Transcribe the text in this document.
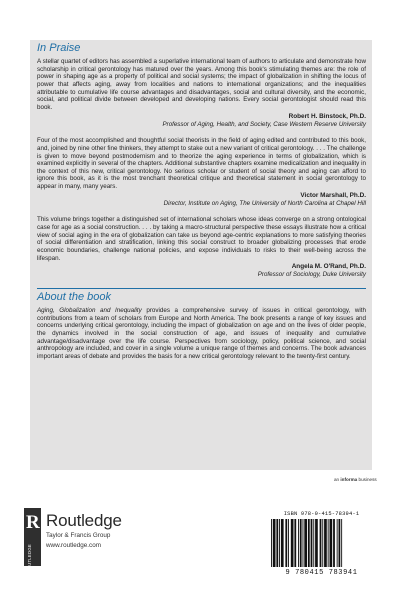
In Praise

A stellar quartet of editors has assembled a superlative international team of authors to articulate and demonstrate how scholarship in critical gerontology has matured over the years. Among this book's stimulating themes are: the role of power in shaping age as a property of political and social systems; the impact of globalization in shifting the locus of power that affects aging, away from localities and nations to international organizations; and the inequalities attributable to cumulative life course advantages and disadvantages, social and cultural diversity, and the economic, social, and political divide between developed and developing nations. Every social gerontologist should read this book.

Robert H. Binstock, Ph.D.
Professor of Aging, Health, and Society, Case Western Reserve University

Four of the most accomplished and thoughtful social theorists in the field of aging edited and contributed to this book, and, joined by nine other fine thinkers, they attempt to stake out a new variant of critical gerontology. . . . The challenge is given to move beyond postmodernism and to theorize the aging experience in terms of globalization, which is examined explicitly in several of the chapters. Additional substantive chapters examine medicalization and inequality in the context of this new, critical gerontology. No serious scholar or student of social theory and aging can afford to ignore this book, as it is the most trenchant theoretical critique and theoretical statement in social gerontology to appear in many, many years.

Victor Marshall, Ph.D.
Director, Institute on Aging, The University of North Carolina at Chapel Hill

This volume brings together a distinguished set of international scholars whose ideas converge on a strong ontological case for age as a social construction. . . . by taking a macro-structural perspective these essays illustrate how a critical view of social aging in the era of globalization can take us beyond age-centric explanations to more satisfying theories of social differentiation and stratification, linking this social construct to broader globalizing processes that erode economic boundaries, challenge national policies, and expose individuals to risks to their well-being across the lifespan.

Angela M. O'Rand, Ph.D.
Professor of Sociology, Duke University
About the book

Aging, Globalization and Inequality provides a comprehensive survey of issues in critical gerontology, with contributions from a team of scholars from Europe and North America. The book presents a range of key issues and concerns underlying critical gerontology, including the impact of globalization on age and on the lives of older people, the dynamics involved in the social construction of age, and issues of inequality and cumulative advantage/disadvantage over the life course. Perspectives from sociology, policy, political science, and social anthropology are included, and cover in a single volume a unique range of themes and concerns. The book advances important areas of debate and provides the basis for a new critical gerontology relevant to the twenty-first century.

an informa business
R
ROUTLEDGE
Routledge
Taylor & Francis Group
www.routledge.com
ISBN 978-0-415-78394-1
9 780415 783941
